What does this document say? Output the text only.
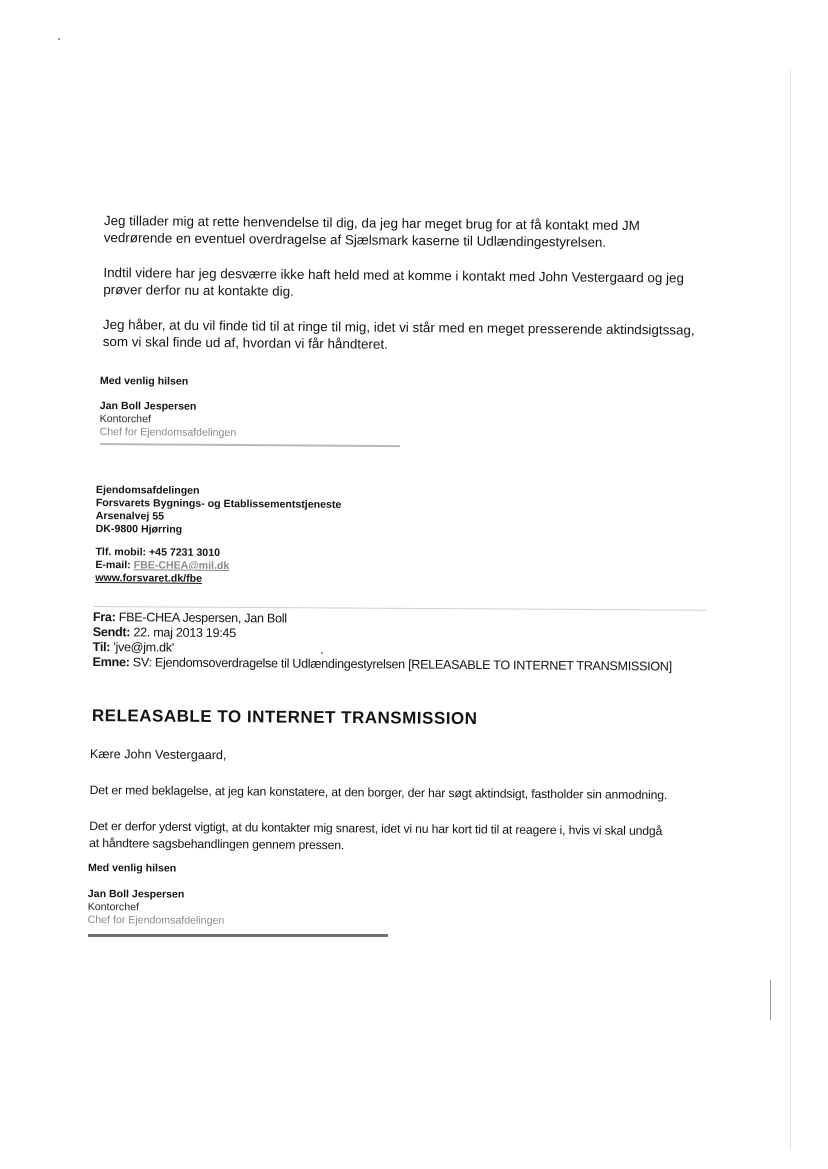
Jeg tillader mig at rette henvendelse til dig, da jeg har meget brug for at få kontakt med JM
vedrørende en eventuel overdragelse af Sjælsmark kaserne til Udlændingestyrelsen.

Indtil videre har jeg desværre ikke haft held med at komme i kontakt med John Vestergaard og jeg
prøver derfor nu at kontakte dig.

Jeg håber, at du vil finde tid til at ringe til mig, idet vi står med en meget presserende aktindsigtssag,
som vi skal finde ud af, hvordan vi får håndteret.

Med venlig hilsen

Jan Boll Jespersen

Kontorchef

Chef for Ejendomsafdelingen

Ejendomsafdelingen

Forsvarets Bygnings- og Etablissementstjeneste

Arsenalvej 55

DK-9800 Hjørring

Tlf. mobil: +45 7231 3010

E-mail: FBE-CHEA@mil.dk

www.forsvaret.dk/fbe

Fra: FBE-CHEA Jespersen, Jan Boll

Sendt: 22. maj 2013 19:45

Til: 'jve@jm.dk'

Emne: SV: Ejendomsoverdragelse til Udlændingestyrelsen [RELEASABLE TO INTERNET TRANSMISSION]

RELEASABLE TO INTERNET TRANSMISSION

Kære John Vestergaard,

Det er med beklagelse, at jeg kan konstatere, at den borger, der har søgt aktindsigt, fastholder sin anmodning.

Det er derfor yderst vigtigt, at du kontakter mig snarest, idet vi nu har kort tid til at reagere i, hvis vi skal undgå
at håndtere sagsbehandlingen gennem pressen.

Med venlig hilsen

Jan Boll Jespersen

Kontorchef

Chef for Ejendomsafdelingen
